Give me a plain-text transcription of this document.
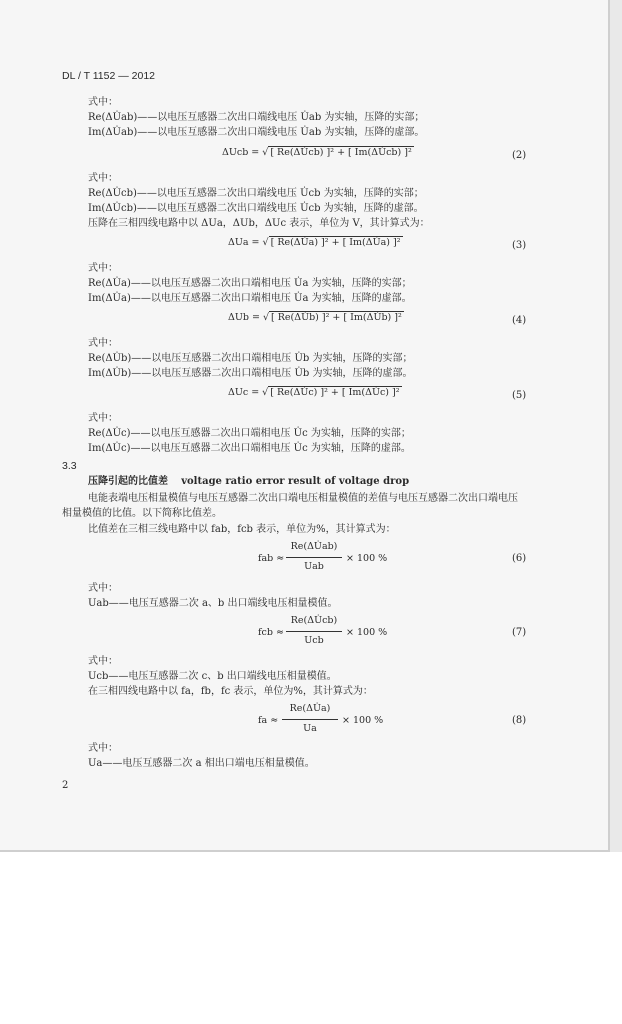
DL / T 1152 — 2012
式中：
Re(ΔU̇ab)——以电压互感器二次出口端线电压 U̇ab 为实轴，压降的实部；
Im(ΔU̇ab)——以电压互感器二次出口端线电压 U̇ab 为实轴，压降的虚部。
ΔUcb = √ [ Re(ΔU̇cb) ]² + [ Im(ΔU̇cb) ]²	(2)
式中：
Re(ΔU̇cb)——以电压互感器二次出口端线电压 U̇cb 为实轴，压降的实部；
Im(ΔU̇cb)——以电压互感器二次出口端线电压 U̇cb 为实轴，压降的虚部。
压降在三相四线电路中以 ΔUa，ΔUb，ΔUc 表示，单位为 V，其计算式为：
ΔUa = √ [ Re(ΔU̇a) ]² + [ Im(ΔU̇a) ]²	(3)
式中：
Re(ΔU̇a)——以电压互感器二次出口端相电压 U̇a 为实轴，压降的实部；
Im(ΔU̇a)——以电压互感器二次出口端相电压 U̇a 为实轴，压降的虚部。
ΔUb = √ [ Re(ΔU̇b) ]² + [ Im(ΔU̇b) ]²	(4)
式中：
Re(ΔU̇b)——以电压互感器二次出口端相电压 U̇b 为实轴，压降的实部；
Im(ΔU̇b)——以电压互感器二次出口端相电压 U̇b 为实轴，压降的虚部。
ΔUc = √ [ Re(ΔU̇c) ]² + [ Im(ΔU̇c) ]²	(5)
式中：
Re(ΔU̇c)——以电压互感器二次出口端相电压 U̇c 为实轴，压降的实部；
Im(ΔU̇c)——以电压互感器二次出口端相电压 U̇c 为实轴，压降的虚部。
3.3
压降引起的比值差 voltage ratio error result of voltage drop
电能表端电压相量模值与电压互感器二次出口端电压相量模值的差值与电压互感器二次出口端电压
相量模值的比值。以下简称比值差。
比值差在三相三线电路中以 fab，fcb 表示，单位为%，其计算式为：
fab ≈
Re(ΔU̇ab)
Uab
× 100 %	(6)
式中：
Uab——电压互感器二次 a、b 出口端线电压相量模值。
fcb ≈
Re(ΔU̇cb)
Ucb
× 100 %	(7)
式中：
Ucb——电压互感器二次 c、b 出口端线电压相量模值。
在三相四线电路中以 fa，fb，fc 表示，单位为%，其计算式为：
fa ≈
Re(ΔU̇a)
Ua
× 100 %	(8)
式中：
Ua——电压互感器二次 a 相出口端电压相量模值。
2
